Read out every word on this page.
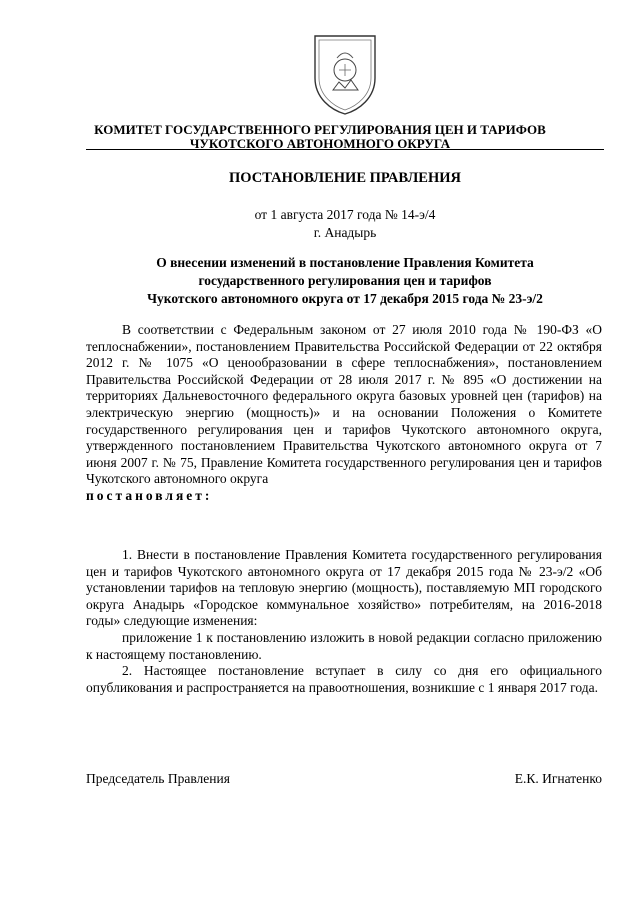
КОМИТЕТ ГОСУДАРСТВЕННОГО РЕГУЛИРОВАНИЯ ЦЕН И ТАРИФОВ
ЧУКОТСКОГО АВТОНОМНОГО ОКРУГА
ПОСТАНОВЛЕНИЕ ПРАВЛЕНИЯ
от 1 августа 2017 года № 14-э/4
г. Анадырь
О внесении изменений в постановление Правления Комитета
государственного регулирования цен и тарифов
Чукотского автономного округа от 17 декабря 2015 года № 23-э/2

В соответствии с Федеральным законом от 27 июля 2010 года № 190-ФЗ «О теплоснабжении», постановлением Правительства Российской Федерации от 22 октября 2012 г. № 1075 «О ценообразовании в сфере теплоснабжения», постановлением Правительства Российской Федерации от 28 июля 2017 г. № 895 «О достижении на территориях Дальневосточного федерального округа базовых уровней цен (тарифов) на электрическую энергию (мощность)» и на основании Положения о Комитете государственного регулирования цен и тарифов Чукотского автономного округа, утвержденного постановлением Правительства Чукотского автономного округа от 7 июня 2007 г. № 75, Правление Комитета государственного регулирования цен и тарифов Чукотского автономного округа

постановляет:

1. Внести в постановление Правления Комитета государственного регулирования цен и тарифов Чукотского автономного округа от 17 декабря 2015 года № 23-э/2 «Об установлении тарифов на тепловую энергию (мощность), поставляемую МП городского округа Анадырь «Городское коммунальное хозяйство» потребителям, на 2016-2018 годы» следующие изменения:

приложение 1 к постановлению изложить в новой редакции согласно приложению к настоящему постановлению.

2. Настоящее постановление вступает в силу со дня его официального опубликования и распространяется на правоотношения, возникшие с 1 января 2017 года.

Председатель Правления	Е.К. Игнатенко
